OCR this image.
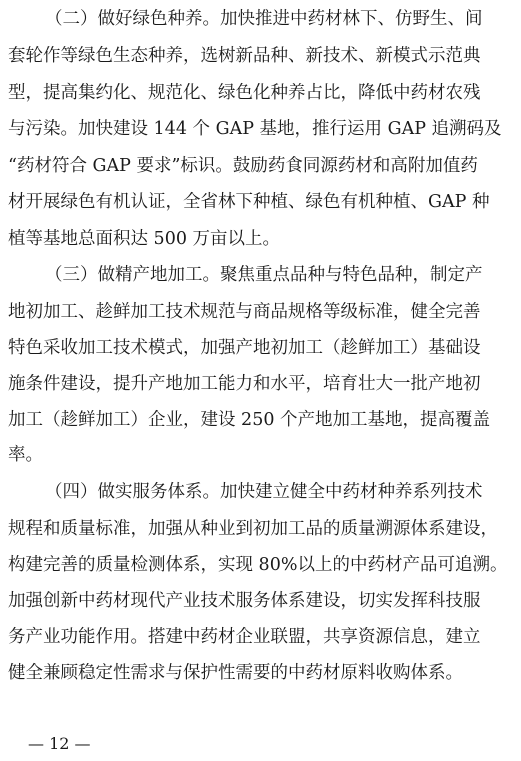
（二）做好绿色种养。加快推进中药材林下、仿野生、间
套轮作等绿色生态种养，选树新品种、新技术、新模式示范典
型，提高集约化、规范化、绿色化种养占比，降低中药材农残
与污染。加快建设 144 个 GAP 基地，推行运用 GAP 追溯码及
“药材符合 GAP 要求”标识。鼓励药食同源药材和高附加值药
材开展绿色有机认证，全省林下种植、绿色有机种植、GAP 种
植等基地总面积达 500 万亩以上。
（三）做精产地加工。聚焦重点品种与特色品种，制定产
地初加工、趁鲜加工技术规范与商品规格等级标准，健全完善
特色采收加工技术模式，加强产地初加工（趁鲜加工）基础设
施条件建设，提升产地加工能力和水平，培育壮大一批产地初
加工（趁鲜加工）企业，建设 250 个产地加工基地，提高覆盖
率。
（四）做实服务体系。加快建立健全中药材种养系列技术
规程和质量标准，加强从种业到初加工品的质量溯源体系建设，
构建完善的质量检测体系，实现 80%以上的中药材产品可追溯。
加强创新中药材现代产业技术服务体系建设，切实发挥科技服
务产业功能作用。搭建中药材企业联盟，共享资源信息，建立
健全兼顾稳定性需求与保护性需要的中药材原料收购体系。
— 12 —
